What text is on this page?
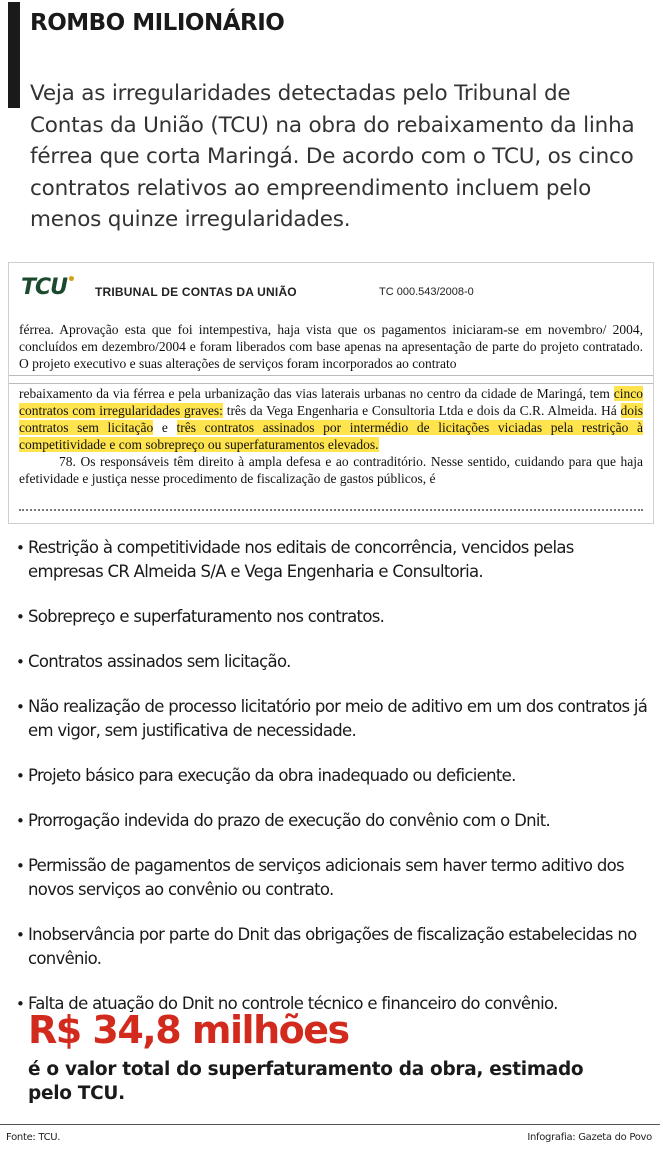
ROMBO MILIONÁRIO
Veja as irregularidades detectadas pelo Tribunal de Contas da União (TCU) na obra do rebaixamento da linha férrea que corta Maringá. De acordo com o TCU, os cinco contratos relativos ao empreendimento incluem pelo menos quinze irregularidades.
TCU•
TRIBUNAL DE CONTAS DA UNIÃO	TC 000.543/2008-0

férrea. Aprovação esta que foi intempestiva, haja vista que os pagamentos iniciaram-se em novembro/ 2004, concluídos em dezembro/2004 e foram liberados com base apenas na apresentação de parte do projeto contratado. O projeto executivo e suas alterações de serviços foram incorporados ao contrato

rebaixamento da via férrea e pela urbanização das vias laterais urbanas no centro da cidade de Maringá, tem cinco contratos com irregularidades graves: três da Vega Engenharia e Consultoria Ltda e dois da C.R. Almeida. Há dois contratos sem licitação e três contratos assinados por intermédio de licitações viciadas pela restrição à competitividade e com sobrepreço ou superfaturamentos elevados.

78. Os responsáveis têm direito à ampla defesa e ao contraditório. Nesse sentido, cuidando para que haja efetividade e justiça nesse procedimento de fiscalização de gastos públicos, é

• Restrição à competitividade nos editais de concorrência, vencidos pelas empresas CR Almeida S/A e Vega Engenharia e Consultoria.
• Sobrepreço e superfaturamento nos contratos.
• Contratos assinados sem licitação.
• Não realização de processo licitatório por meio de aditivo em um dos contratos já em vigor, sem justificativa de necessidade.
• Projeto básico para execução da obra inadequado ou deficiente.
• Prorrogação indevida do prazo de execução do convênio com o Dnit.
• Permissão de pagamentos de serviços adicionais sem haver termo aditivo dos novos serviços ao convênio ou contrato.
• Inobservância por parte do Dnit das obrigações de fiscalização estabelecidas no convênio.
• Falta de atuação do Dnit no controle técnico e financeiro do convênio.
R$ 34,8 milhões
é o valor total do superfaturamento da obra, estimado pelo TCU.
Fonte: TCU.	Infografia: Gazeta do Povo
